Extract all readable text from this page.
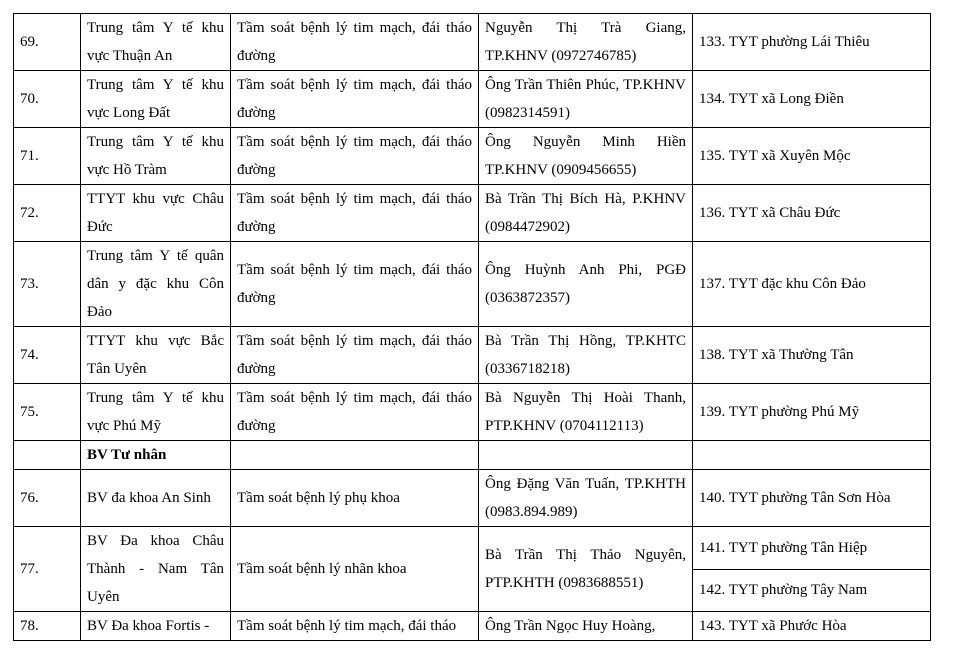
69.	Trung tâm Y tế khu vực Thuận An	Tầm soát bệnh lý tim mạch, đái tháo đường	Nguyễn Thị Trà Giang, TP.KHNV (0972746785)	133. TYT phường Lái Thiêu
70.	Trung tâm Y tế khu vực Long Đất	Tầm soát bệnh lý tim mạch, đái tháo đường	Ông Trần Thiên Phúc, TP.KHNV (0982314591)	134. TYT xã Long Điền
71.	Trung tâm Y tế khu vực Hồ Tràm	Tầm soát bệnh lý tim mạch, đái tháo đường	Ông Nguyễn Minh Hiền TP.KHNV (0909456655)	135. TYT xã Xuyên Mộc
72.	TTYT khu vực Châu Đức	Tầm soát bệnh lý tim mạch, đái tháo đường	Bà Trần Thị Bích Hà, P.KHNV (0984472902)	136. TYT xã Châu Đức
73.	Trung tâm Y tế quân dân y đặc khu Côn Đảo	Tầm soát bệnh lý tim mạch, đái tháo đường	Ông Huỳnh Anh Phi, PGĐ (0363872357)	137. TYT đặc khu Côn Đảo
74.	TTYT khu vực Bắc Tân Uyên	Tầm soát bệnh lý tim mạch, đái tháo đường	Bà Trần Thị Hồng, TP.KHTC (0336718218)	138. TYT xã Thường Tân
75.	Trung tâm Y tế khu vực Phú Mỹ	Tầm soát bệnh lý tim mạch, đái tháo đường	Bà Nguyễn Thị Hoài Thanh, PTP.KHNV (0704112113)	139. TYT phường Phú Mỹ
	BV Tư nhân			
76.	BV đa khoa An Sinh	Tầm soát bệnh lý phụ khoa	Ông Đặng Văn Tuấn, TP.KHTH (0983.894.989)	140. TYT phường Tân Sơn Hòa
77.	BV Đa khoa Châu Thành - Nam Tân Uyên	Tầm soát bệnh lý nhãn khoa	Bà Trần Thị Thảo Nguyên, PTP.KHTH (0983688551)	141. TYT phường Tân Hiệp
				142. TYT phường Tây Nam
78.	BV Đa khoa Fortis -	Tầm soát bệnh lý tim mạch, đái tháo	Ông Trần Ngọc Huy Hoàng,	143. TYT xã Phước Hòa
